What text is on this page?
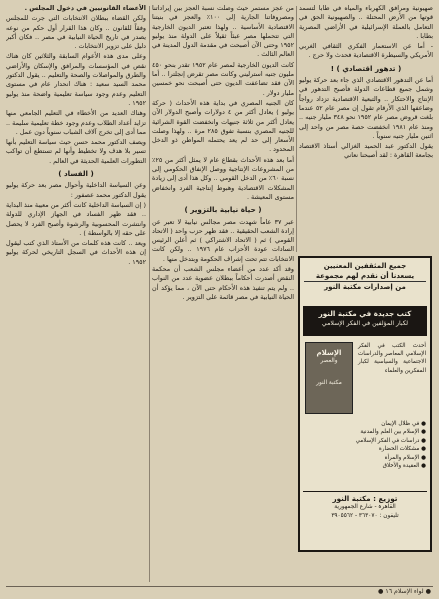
صهيونية ومرافق الكهرباء والمياه في طابا لتسمد قوتها من الأرض المحتلة .. والصهيونية الحق في التعامل بالعملة الإسرائيلية في الأراضي المصرية بطابا .

- أما عن الاستعمار الفكري الثقافي الغربي الأمريكي والسيطرة الاقتصادية فحدث ولا حرج .

( تدهور اقتصادي ) !

أما عن التدهور الاقتصادي الذي جاء بعد حركة يوليو وشمل جميع قطاعات الدولة فأصبح التدهور في الإنتاج والاحتكار .. والتبعية الاقتصادية تزداد رواجاً وضاعفها الذي الأرقام تقول إن مصر عام ٥٢ عندما بلغت قروض مصر عام ١٩٥٢ نحو ٣٤٨ مليار جنيه .. ومنذ عام ١٩٨١ انخفضت حصة مصر من واحد إلى اثنين مليار جنيه سنوياً .

يقول الدكتور عبد الحميد الغزالي أستاذ الاقتصاد بجامعة القاهرة : لقد أصبحنا نعاني

من عجز مستمر حيث وصلت نسبة العجز بين إيراداتنا ومصروفاتنا الجارية إلى ١٠٠٪ والعجز في بنيتنا الاقتصادية الأساسية .. ولهذا تعتبر الديون الخارجية التي تتحملها مصر عبئاً ثقيلاً على الدولة منذ يوليو ١٩٥٢ وحتى الآن أصبحت في مقدمة الدول المدينة في العالم الثالث .

كانت الديون الخارجية لمصر عام ١٩٥٢ تقدر بنحو ٤٥٠ مليون جنيه استرليني وكانت مصر تقرض إنجلترا .. أما الآن فقد تضاعفت الديون حتى أصبحت نحو خمسين مليار دولار .

كان الجنيه المصري في بداية هذه الأحداث ( حركة يوليو ) يعادل أكثر من ٤ دولارات وأصبح الدولار الآن يعادل أكثر من ثلاثة جنيهات وانخفضت القوة الشرائية للجنيه المصري بنسبة تفوق ٢٨٥ مرة .. ولهذا وصلت الأسعار إلى حد لم يعد يحتمله المواطن ذو الدخل المحدود .

أما بعد هذه الأحداث بقطاع عام لا يمثل أكثر من ٢٥٪ من المشروعات الإنتاجية ووصل الإنفاق الحكومي إلى نسبة ٦٠٪ من الدخل القومي .. وكل هذا أدى إلى زيادة المشكلات الاقتصادية وهبوط إنتاجية الفرد وانخفاض مستوى المعيشة .

( حياة نيابية بالتزوير )

عبر ٣٧ عاماً شهدت مصر مجالس نيابية لا تعبر عن إرادة الشعب الحقيقية .. فقد ظهر حزب واحد ( الاتحاد القومي ) ثم ( الاتحاد الاشتراكي ) ثم أعلن الرئيس السادات عودة الأحزاب عام ١٩٧٦ .. ولكن كانت الانتخابات تتم تحت إشراف الحكومة وبتدخل منها .

وقد أكد عدد من أعضاء مجلس الشعب أن محكمة النقض أصدرت أحكاماً ببطلان عضوية عدد من النواب .. ولم يتم تنفيذ هذه الأحكام حتى الآن ، مما يؤكد أن الحياة النيابية في مصر قائمة على التزوير .

الأعضاء القانونيين في دخول المجلس .

ولكن القضاء ببطلان الانتخابات التي جرت للمجلس وفقاً للقانون .. وكان هذا القرار أول حكم من نوعه يصدر في تاريخ الحياة النيابية في مصر .. فكان أكبر دليل على تزوير الانتخابات .

وعلى مدى هذه الأعوام السابقة والثلاثين كان هناك نقص في المؤسسات والمرافق والإسكان والأراضي والطرق والمواصلات والصحة والتعليم .. يقول الدكتور محمد السيد سعيد : هناك انحدار عام في مستوى التعليم وعدم وجود سياسة تعليمية واضحة منذ يوليو ١٩٥٢ .

وهناك العديد من الأخطاء في التعليم الجامعي منها تزايد أعداد الطلاب وعدم وجود خطة تعليمية سليمة .. مما أدى إلى تخرج آلاف الشباب سنوياً دون عمل .

ويصف الدكتور محمد حسن حيث سياسة التعليم بأنها تسير بلا هدف ولا تخطيط وأنها لم تستطع أن تواكب التطورات العلمية الحديثة في العالم .

( الفساد )

وعن السياسة الداخلية وأحوال مصر بعد حركة يوليو يقول الدكتور محمد عصفور :

( إن السياسة الداخلية كانت أكثر من معيبة منذ البداية .. فقد ظهر الفساد في الجهاز الإداري للدولة وانتشرت المحسوبية والرشوة وأصبح الفرد لا يحصل على حقه إلا بالواسطة ) .

ويعد .. كانت هذه كلمات من الأستاذ الذي كتب ليقول إن هذه الأحداث في السجل التاريخي لحركة يوليو ١٩٥٢ .

جميع المثقفين المعنيين
يسعدنا أن نقدم لهم مجموعة
من إصدارات مكتبة النور
كتب جديدة في مكتبة النور
لكبار المؤلفين في الفكر الإسلامي
الإسلام
والعصر
مكتبة النور
أحدث الكتب في الفكر الإسلامي المعاصر والدراسات الاجتماعية والسياسية لكبار المفكرين والعلماء

● في ظلال الإيمان

● الإسلام بين العلم والمدنية

● دراسات في الفكر الإسلامي

● مشكلات الحضارة

● الإسلام والمرأة

● العقيدة والأخلاق

توزيع : مكتبة النور
القاهرة - شارع الجمهورية
تليفون : ٣٦٣٠٧٠ - ٣٩٠٥٥٦٢
● لواء الإسلام ١٦ ●
